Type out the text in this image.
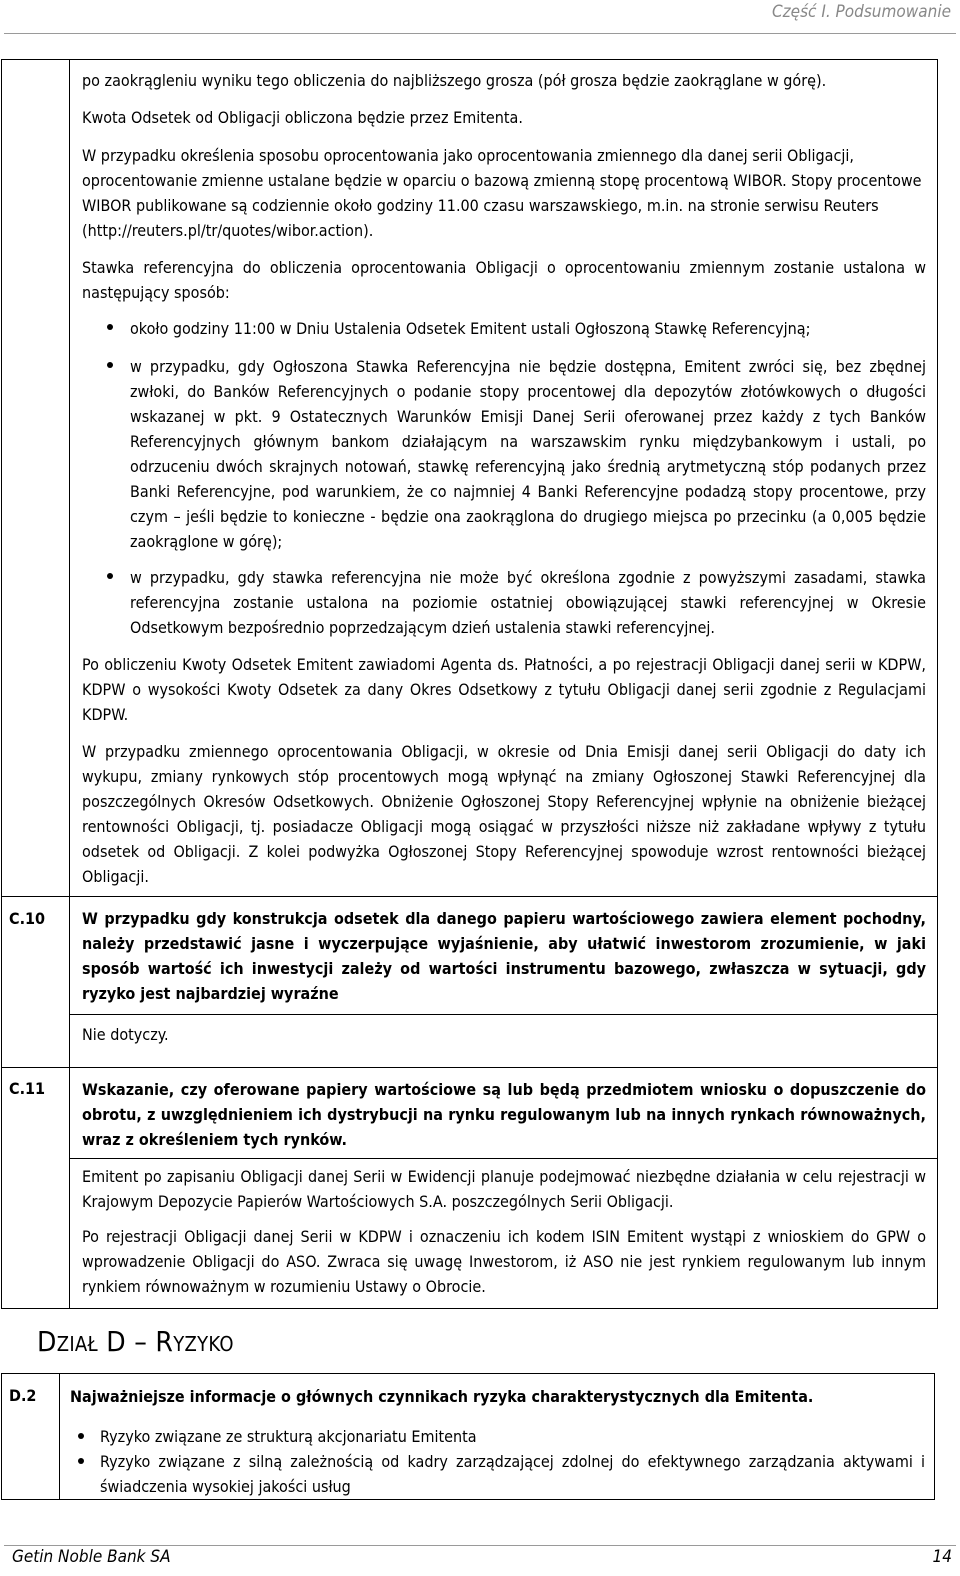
Część I. Podsumowanie
po zaokrągleniu wyniku tego obliczenia do najbliższego grosza (pół grosza będzie zaokrąglane w górę).
Kwota Odsetek od Obligacji obliczona będzie przez Emitenta.
W przypadku określenia sposobu oprocentowania jako oprocentowania zmiennego dla danej serii Obligacji, oprocentowanie zmienne ustalane będzie w oparciu o bazową zmienną stopę procentową WIBOR. Stopy procentowe WIBOR publikowane są codziennie około godziny 11.00 czasu warszawskiego, m.in. na stronie serwisu Reuters (http://reuters.pl/tr/quotes/wibor.action).
Stawka referencyjna do obliczenia oprocentowania Obligacji o oprocentowaniu zmiennym zostanie ustalona w następujący sposób:
około godziny 11:00 w Dniu Ustalenia Odsetek Emitent ustali Ogłoszoną Stawkę Referencyjną;
w przypadku, gdy Ogłoszona Stawka Referencyjna nie będzie dostępna, Emitent zwróci się, bez zbędnej zwłoki, do Banków Referencyjnych o podanie stopy procentowej dla depozytów złotówkowych o długości wskazanej w pkt. 9 Ostatecznych Warunków Emisji Danej Serii oferowanej przez każdy z tych Banków Referencyjnych głównym bankom działającym na warszawskim rynku międzybankowym i ustali, po odrzuceniu dwóch skrajnych notowań, stawkę referencyjną jako średnią arytmetyczną stóp podanych przez Banki Referencyjne, pod warunkiem, że co najmniej 4 Banki Referencyjne podadzą stopy procentowe, przy czym – jeśli będzie to konieczne - będzie ona zaokrąglona do drugiego miejsca po przecinku (a 0,005 będzie zaokrąglone w górę);
w przypadku, gdy stawka referencyjna nie może być określona zgodnie z powyższymi zasadami, stawka referencyjna zostanie ustalona na poziomie ostatniej obowiązującej stawki referencyjnej w Okresie Odsetkowym bezpośrednio poprzedzającym dzień ustalenia stawki referencyjnej.
Po obliczeniu Kwoty Odsetek Emitent zawiadomi Agenta ds. Płatności, a po rejestracji Obligacji danej serii w KDPW, KDPW o wysokości Kwoty Odsetek za dany Okres Odsetkowy z tytułu Obligacji danej serii zgodnie z Regulacjami KDPW.
W przypadku zmiennego oprocentowania Obligacji, w okresie od Dnia Emisji danej serii Obligacji do daty ich wykupu, zmiany rynkowych stóp procentowych mogą wpłynąć na zmiany Ogłoszonej Stawki Referencyjnej dla poszczególnych Okresów Odsetkowych. Obniżenie Ogłoszonej Stopy Referencyjnej wpłynie na obniżenie bieżącej rentowności Obligacji, tj. posiadacze Obligacji mogą osiągać w przyszłości niższe niż zakładane wpływy z tytułu odsetek od Obligacji. Z kolei podwyżka Ogłoszonej Stopy Referencyjnej spowoduje wzrost rentowności bieżącej Obligacji.
C.10 W przypadku gdy konstrukcja odsetek dla danego papieru wartościowego zawiera element pochodny, należy przedstawić jasne i wyczerpujące wyjaśnienie, aby ułatwić inwestorom zrozumienie, w jaki sposób wartość ich inwestycji zależy od wartości instrumentu bazowego, zwłaszcza w sytuacji, gdy ryzyko jest najbardziej wyraźne
Nie dotyczy.
C.11 Wskazanie, czy oferowane papiery wartościowe są lub będą przedmiotem wniosku o dopuszczenie do obrotu, z uwzględnieniem ich dystrybucji na rynku regulowanym lub na innych rynkach równoważnych, wraz z określeniem tych rynków.
Emitent po zapisaniu Obligacji danej Serii w Ewidencji planuje podejmować niezbędne działania w celu rejestracji w Krajowym Depozycie Papierów Wartościowych S.A. poszczególnych Serii Obligacji.
Po rejestracji Obligacji danej Serii w KDPW i oznaczeniu ich kodem ISIN Emitent wystąpi z wnioskiem do GPW o wprowadzenie Obligacji do ASO. Zwraca się uwagę Inwestorom, iż ASO nie jest rynkiem regulowanym lub innym rynkiem równoważnym w rozumieniu Ustawy o Obrocie.
Dział D – Ryzyko
D.2 Najważniejsze informacje o głównych czynnikach ryzyka charakterystycznych dla Emitenta.
Ryzyko związane ze strukturą akcjonariatu Emitenta
Ryzyko związane z silną zależnością od kadry zarządzającej zdolnej do efektywnego zarządzania aktywami i świadczenia wysokiej jakości usług
Getin Noble Bank SA	14
